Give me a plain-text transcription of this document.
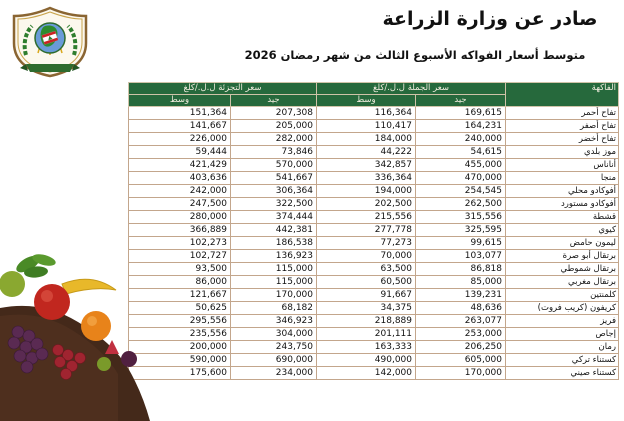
صادر عن وزارة الزراعة
متوسط أسعار الفواكه الأسبوع الثالث من شهر رمضان 2026
الفاكهة	سعر الجملة ل.ل./كلغ		سعر التجزئة ل.ل./كلغ	
	جيد	وسط	جيد	وسط
تفاح أحمر	169,615	116,364	207,308	151,364
تفاح أصفر	164,231	110,417	205,000	141,667
تفاح أخضر	240,000	184,000	282,000	226,000
موز بلدي	54,615	44,222	73,846	59,444
أناناس	455,000	342,857	570,000	421,429
منجا	470,000	336,364	541,667	403,636
أفوكادو محلي	254,545	194,000	306,364	242,000
أفوكادو مستورد	262,500	202,500	322,500	247,500
قشطة	315,556	215,556	374,444	280,000
كيوي	325,595	277,778	442,381	366,889
ليمون حامض	99,615	77,273	186,538	102,273
برتقال أبو صرة	103,077	70,000	136,923	102,727
برتقال شموطي	86,818	63,500	115,000	93,500
برتقال مغربي	85,000	60,500	115,000	86,000
كلمنتين	139,231	91,667	170,000	121,667
كريفون (كريب فروت)	48,636	34,375	68,182	50,625
فريز	263,077	218,889	346,923	295,556
إجاص	253,000	201,111	304,000	235,556
رمان	206,250	163,333	243,750	200,000
كستناء تركي	605,000	490,000	690,000	590,000
كستناء صيني	170,000	142,000	234,000	175,600
